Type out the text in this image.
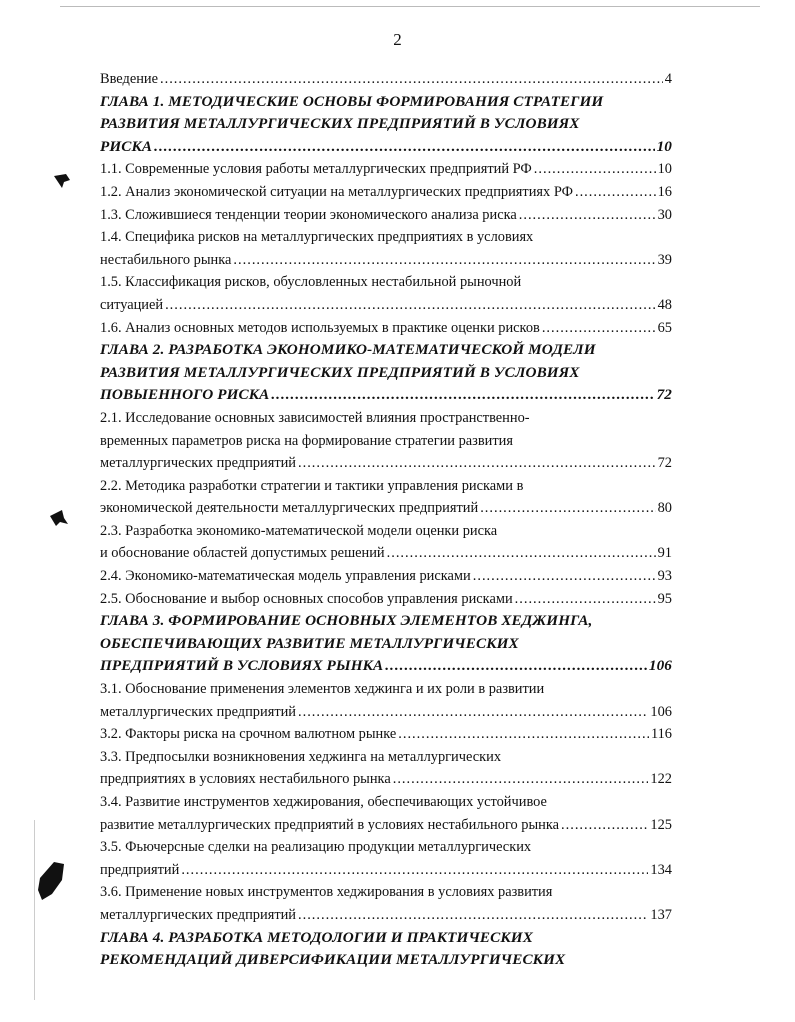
2
Введение .....	4
ГЛАВА 1. МЕТОДИЧЕСКИЕ ОСНОВЫ ФОРМИРОВАНИЯ СТРАТЕГИИ
РАЗВИТИЯ МЕТАЛЛУРГИЧЕСКИХ ПРЕДПРИЯТИЙ В УСЛОВИЯХ
РИСКА .....	10
1.1. Современные условия работы металлургических предприятий РФ .....	10
1.2. Анализ экономической ситуации на металлургических предприятиях РФ .....	16
1.3. Сложившиеся тенденции теории экономического анализа риска .....	30
1.4. Специфика рисков на металлургических предприятиях в условиях
нестабильного рынка .....	39
1.5. Классификация рисков, обусловленных нестабильной рыночной
ситуацией .....	48
1.6. Анализ основных методов используемых в практике оценки рисков .....	65
ГЛАВА 2. РАЗРАБОТКА ЭКОНОМИКО-МАТЕМАТИЧЕСКОЙ МОДЕЛИ
РАЗВИТИЯ МЕТАЛЛУРГИЧЕСКИХ ПРЕДПРИЯТИЙ В УСЛОВИЯХ
ПОВЫЕННОГО РИСКА .....	72
2.1. Исследование основных зависимостей влияния пространственно-
временных параметров риска на формирование стратегии развития
металлургических предприятий .....	72
2.2. Методика разработки стратегии и тактики управления рисками в
экономической деятельности металлургических предприятий .....	80
2.3. Разработка экономико-математической модели оценки риска
и обоснование областей допустимых решений .....	91
2.4. Экономико-математическая модель управления рисками .....	93
2.5. Обоснование и выбор основных способов управления рисками .....	95
ГЛАВА 3. ФОРМИРОВАНИЕ ОСНОВНЫХ ЭЛЕМЕНТОВ ХЕДЖИНГА,
ОБЕСПЕЧИВАЮЩИХ РАЗВИТИЕ МЕТАЛЛУРГИЧЕСКИХ
ПРЕДПРИЯТИЙ В УСЛОВИЯХ РЫНКА .....	106
3.1. Обоснование применения элементов хеджинга и их роли в развитии
металлургических предприятий .....	106
3.2. Факторы риска на срочном валютном рынке .....	116
3.3. Предпосылки возникновения хеджинга на металлургических
предприятиях в условиях нестабильного рынка .....	122
3.4. Развитие инструментов хеджирования, обеспечивающих устойчивое
развитие металлургических предприятий в условиях нестабильного рынка .....	125
3.5. Фьючерсные сделки на реализацию продукции металлургических
предприятий .....	134
3.6. Применение новых инструментов хеджирования в условиях развития
металлургических предприятий .....	137
ГЛАВА 4. РАЗРАБОТКА МЕТОДОЛОГИИ И ПРАКТИЧЕСКИХ
РЕКОМЕНДАЦИЙ ДИВЕРСИФИКАЦИИ МЕТАЛЛУРГИЧЕСКИХ
